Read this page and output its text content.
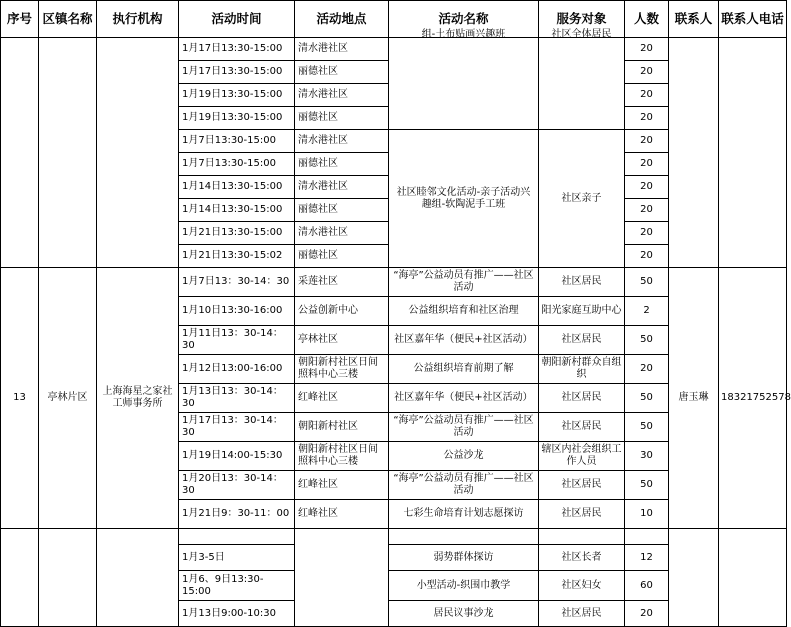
序号	区镇名称	执行机构	活动时间	活动地点	活动名称	服务对象	人数	联系人	联系人电话
			1月17日13:30-15:00	清水港社区	组-土布贴画兴趣班	社区全体居民	20		
			1月17日13:30-15:00	丽德社区			20		
			1月19日13:30-15:00	清水港社区			20		
			1月19日13:30-15:00	丽德社区			20		
			1月7日13:30-15:00	清水港社区	社区睦邻文化活动-亲子活动兴趣组-软陶泥手工班	社区亲子	20		
			1月7日13:30-15:00	丽德社区			20		
			1月14日13:30-15:00	清水港社区			20		
			1月14日13:30-15:00	丽德社区			20		
			1月21日13:30-15:00	清水港社区			20		
			1月21日13:30-15:02	丽德社区			20		
13	亭林片区	上海海星之家社工师事务所	1月7日13：30-14：30	采莲社区	“海亭”公益动员有推广——社区活动	社区居民	50	唐玉琳	18321752578
			1月10日13:30-16:00	公益创新中心	公益组织培育和社区治理	阳光家庭互助中心	2		
			1月11日13：30-14：30	亭林社区	社区嘉年华（便民+社区活动）	社区居民	50		
			1月12日13:00-16:00	朝阳新村社区日间照料中心三楼	公益组织培育前期了解	朝阳新村群众自组织	20		
			1月13日13：30-14：30	红峰社区	社区嘉年华（便民+社区活动）	社区居民	50		
			1月17日13：30-14：30	朝阳新村社区	“海亭”公益动员有推广——社区活动	社区居民	50		
			1月19日14:00-15:30	朝阳新村社区日间照料中心三楼	公益沙龙	辖区内社会组织工作人员	30		
			1月20日13：30-14：30	红峰社区	“海亭”公益动员有推广——社区活动	社区居民	50		
			1月21日9：30-11：00	红峰社区	七彩生命培育计划志愿探访	社区居民	10		

			1月3-5日		弱势群体探访	社区长者	12		
			1月6、9日13:30-15:00		小型活动-织围巾教学	社区妇女	60		
			1月13日9:00-10:30		居民议事沙龙	社区居民	20		
